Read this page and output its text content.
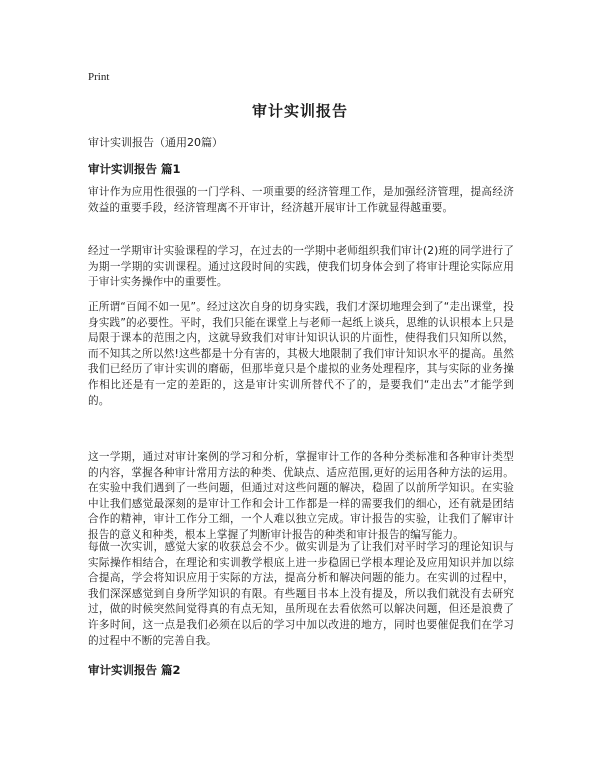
Print
审计实训报告
审计实训报告（通用20篇）
审计实训报告 篇1
审计作为应用性很强的一门学科、一项重要的经济管理工作，是加强经济管理，提高经济效益的重要手段，经济管理离不开审计，经济越开展审计工作就显得越重要。
经过一学期审计实验课程的学习，在过去的一学期中老师组织我们审计(2)班的同学进行了为期一学期的实训课程。通过这段时间的实践，使我们切身体会到了将审计理论实际应用于审计实务操作中的重要性。
正所谓“百闻不如一见”。经过这次自身的切身实践，我们才深切地理会到了“走出课堂，投身实践”的必要性。平时，我们只能在课堂上与老师一起纸上谈兵，思维的认识根本上只是局限于课本的范围之内，这就导致我们对审计知识认识的片面性，使得我们只知所以然，而不知其之所以然!这些都是十分有害的，其极大地限制了我们审计知识水平的提高。虽然我们已经历了审计实训的磨砺，但那毕竟只是个虚拟的业务处理程序，其与实际的业务操作相比还是有一定的差距的，这是审计实训所替代不了的，是要我们“走出去”才能学到的。
这一学期，通过对审计案例的学习和分析，掌握审计工作的各种分类标准和各种审计类型的内容，掌握各种审计常用方法的种类、优缺点、适应范围,更好的运用各种方法的运用。在实验中我们遇到了一些问题，但通过对这些问题的解决，稳固了以前所学知识。在实验中让我们感觉最深刻的是审计工作和会计工作都是一样的需要我们的细心，还有就是团结合作的精神，审计工作分工细，一个人难以独立完成。审计报告的实验，让我们了解审计报告的意义和种类，根本上掌握了判断审计报告的种类和审计报告的编写能力。
每做一次实训，感觉大家的收获总会不少。做实训是为了让我们对平时学习的理论知识与实际操作相结合，在理论和实训教学根底上进一步稳固已学根本理论及应用知识并加以综合提高，学会将知识应用于实际的方法，提高分析和解决问题的能力。在实训的过程中，我们深深感觉到自身所学知识的有限。有些题目书本上没有提及，所以我们就没有去研究过，做的时候突然间觉得真的有点无知，虽所现在去看依然可以解决问题，但还是浪费了许多时间，这一点是我们必须在以后的学习中加以改进的地方，同时也要催促我们在学习的过程中不断的完善自我。
审计实训报告 篇2
